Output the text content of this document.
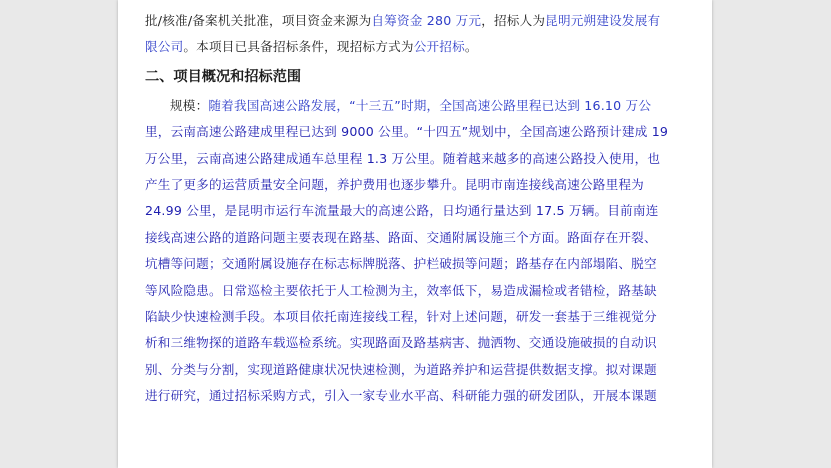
批/核准/备案机关批准，项目资金来源为自筹资金 280 万元，招标人为昆明元朔建设发展有
限公司。本项目已具备招标条件，现招标方式为公开招标。
二、项目概况和招标范围
规模：随着我国高速公路发展，“十三五”时期，全国高速公路里程已达到 16.10 万公
里，云南高速公路建成里程已达到 9000 公里。“十四五”规划中，全国高速公路预计建成 19
万公里，云南高速公路建成通车总里程 1.3 万公里。随着越来越多的高速公路投入使用，也
产生了更多的运营质量安全问题，养护费用也逐步攀升。昆明市南连接线高速公路里程为
24.99 公里，是昆明市运行车流量最大的高速公路，日均通行量达到 17.5 万辆。目前南连
接线高速公路的道路问题主要表现在路基、路面、交通附属设施三个方面。路面存在开裂、
坑槽等问题；交通附属设施存在标志标牌脱落、护栏破损等问题；路基存在内部塌陷、脱空
等风险隐患。日常巡检主要依托于人工检测为主，效率低下，易造成漏检或者错检，路基缺
陷缺少快速检测手段。本项目依托南连接线工程，针对上述问题，研发一套基于三维视觉分
析和三维物探的道路车载巡检系统。实现路面及路基病害、抛洒物、交通设施破损的自动识
别、分类与分割，实现道路健康状况快速检测，为道路养护和运营提供数据支撑。拟对课题
进行研究，通过招标采购方式，引入一家专业水平高、科研能力强的研发团队，开展本课题
